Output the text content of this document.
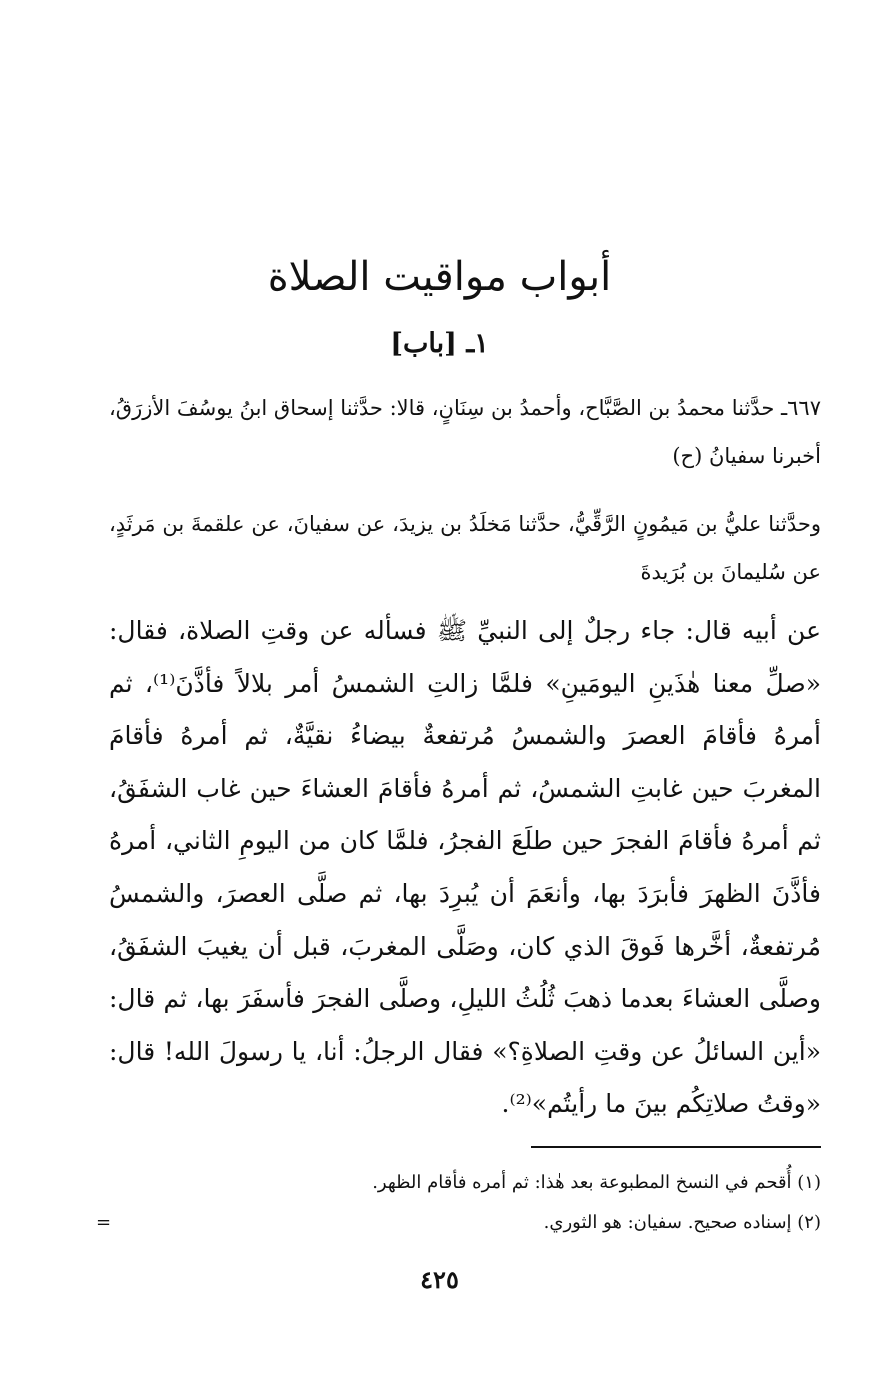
أبواب مواقيت الصلاة
١ـ [باب]

٦٦٧ـ حدَّثنا محمدُ بن الصَّبَّاح، وأحمدُ بن سِنَانٍ، قالا: حدَّثنا إسحاق ابنُ يوسُفَ الأزرَقُ، أخبرنا سفيانُ (ح)

وحدَّثنا عليُّ بن مَيمُونٍ الرَّقِّيُّ، حدَّثنا مَخلَدُ بن يزيدَ، عن سفيانَ، عن علقمةَ بن مَرثَدٍ، عن سُليمانَ بن بُرَيدةَ

عن أبيه قال: جاء رجلٌ إلى النبيِّ ﷺ فسأله عن وقتِ الصلاة، فقال: «صلِّ معنا هٰذَينِ اليومَينِ» فلمَّا زالتِ الشمسُ أمر بلالاً فأذَّنَ⁽¹⁾، ثم أمرهُ فأقامَ العصرَ والشمسُ مُرتفعةٌ بيضاءُ نقيَّةٌ، ثم أمرهُ فأقامَ المغربَ حين غابتِ الشمسُ، ثم أمرهُ فأقامَ العشاءَ حين غاب الشفَقُ، ثم أمرهُ فأقامَ الفجرَ حين طلَعَ الفجرُ، فلمَّا كان من اليومِ الثاني، أمرهُ فأذَّنَ الظهرَ فأبرَدَ بها، وأنعَمَ أن يُبرِدَ بها، ثم صلَّى العصرَ، والشمسُ مُرتفعةٌ، أخَّرها فَوقَ الذي كان، وصَلَّى المغربَ، قبل أن يغيبَ الشفَقُ، وصلَّى العشاءَ بعدما ذهبَ ثُلُثُ الليلِ، وصلَّى الفجرَ فأسفَرَ بها، ثم قال: «أين السائلُ عن وقتِ الصلاةِ؟» فقال الرجلُ: أنا، يا رسولَ الله! قال: «وقتُ صلاتِكُم بينَ ما رأيتُم»⁽²⁾.

(١) أُقحم في النسخ المطبوعة بعد هٰذا: ثم أمره فأقام الظهر.
(٢) إسناده صحيح. سفيان: هو الثوري.
=
٤٢٥
